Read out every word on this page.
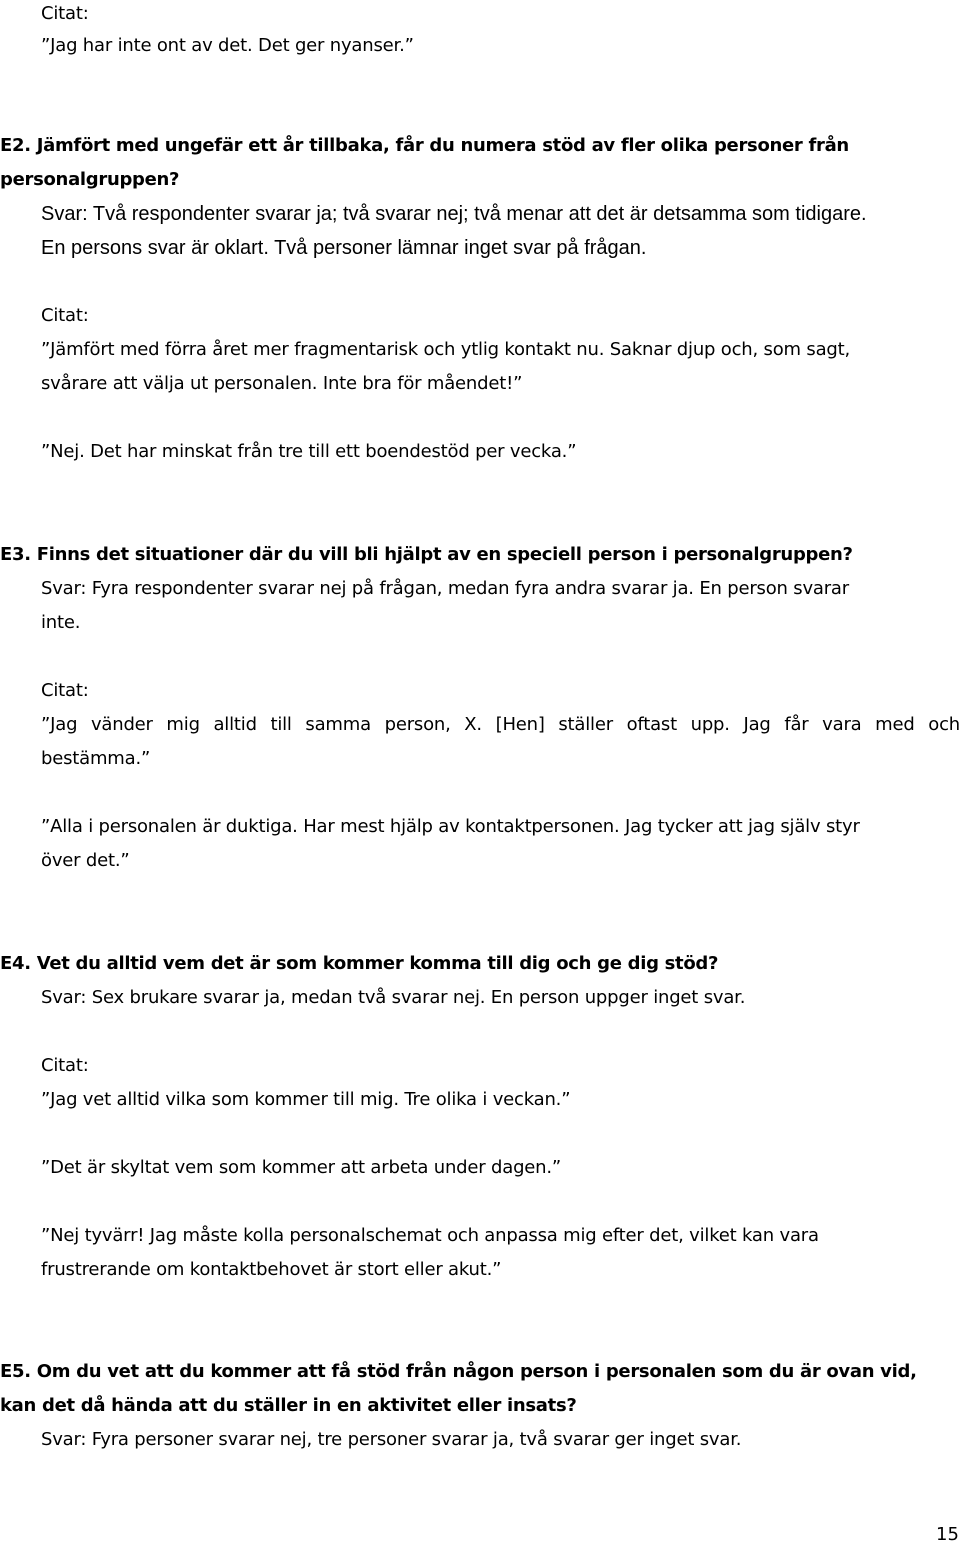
Citat:
”Jag har inte ont av det. Det ger nyanser.”
E2. Jämfört med ungefär ett år tillbaka, får du numera stöd av fler olika personer från
personalgruppen?
Svar: Två respondenter svarar ja; två svarar nej; två menar att det är detsamma som tidigare.
En persons svar är oklart. Två personer lämnar inget svar på frågan.
Citat:
”Jämfört med förra året mer fragmentarisk och ytlig kontakt nu. Saknar djup och, som sagt,
svårare att välja ut personalen. Inte bra för måendet!”
”Nej. Det har minskat från tre till ett boendestöd per vecka.”
E3. Finns det situationer där du vill bli hjälpt av en speciell person i personalgruppen?
Svar: Fyra respondenter svarar nej på frågan, medan fyra andra svarar ja. En person svarar
inte.
Citat:
”Jag vänder mig alltid till samma person, X. [Hen] ställer oftast upp. Jag får vara med och
bestämma.”
”Alla i personalen är duktiga. Har mest hjälp av kontaktpersonen. Jag tycker att jag själv styr
över det.”
E4. Vet du alltid vem det är som kommer komma till dig och ge dig stöd?
Svar: Sex brukare svarar ja, medan två svarar nej. En person uppger inget svar.
Citat:
”Jag vet alltid vilka som kommer till mig. Tre olika i veckan.”
”Det är skyltat vem som kommer att arbeta under dagen.”
”Nej tyvärr! Jag måste kolla personalschemat och anpassa mig efter det, vilket kan vara
frustrerande om kontaktbehovet är stort eller akut.”
E5. Om du vet att du kommer att få stöd från någon person i personalen som du är ovan vid,
kan det då hända att du ställer in en aktivitet eller insats?
Svar: Fyra personer svarar nej, tre personer svarar ja, två svarar ger inget svar.
15
